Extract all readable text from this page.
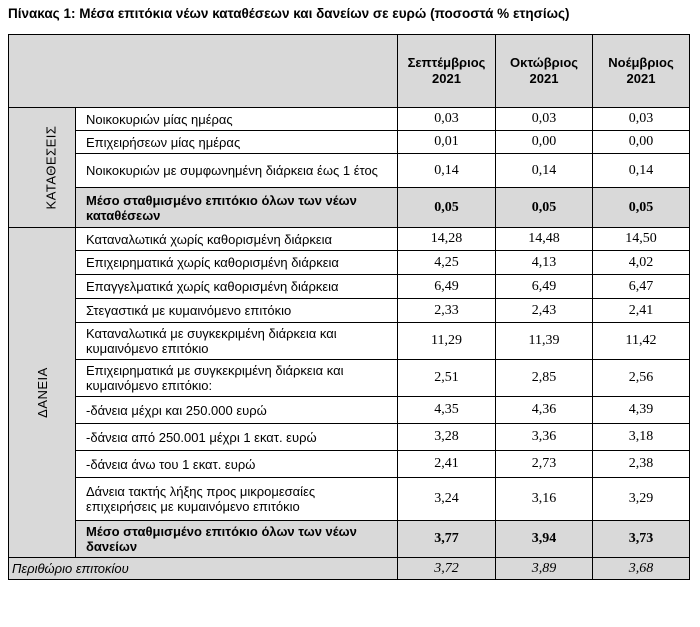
Πίνακας 1: Μέσα επιτόκια νέων καταθέσεων και δανείων σε ευρώ (ποσοστά % ετησίως)
		Σεπτέμβριος 2021	Οκτώβριος 2021	Νοέμβριος 2021
ΚΑΤΑΘΕΣΕΙΣ	Νοικοκυριών μίας ημέρας	0,03	0,03	0,03
	Επιχειρήσεων μίας ημέρας	0,01	0,00	0,00
	Νοικοκυριών με συμφωνημένη διάρκεια έως 1 έτος	0,14	0,14	0,14
	Μέσο σταθμισμένο επιτόκιο όλων των νέων καταθέσεων	0,05	0,05	0,05
ΔΑΝΕΙΑ	Καταναλωτικά χωρίς καθορισμένη διάρκεια	14,28	14,48	14,50
	Επιχειρηματικά χωρίς καθορισμένη διάρκεια	4,25	4,13	4,02
	Επαγγελματικά χωρίς καθορισμένη διάρκεια	6,49	6,49	6,47
	Στεγαστικά με κυμαινόμενο επιτόκιο	2,33	2,43	2,41
	Καταναλωτικά με συγκεκριμένη διάρκεια και κυμαινόμενο επιτόκιο	11,29	11,39	11,42
	Επιχειρηματικά με συγκεκριμένη διάρκεια και κυμαινόμενο επιτόκιο:	2,51	2,85	2,56
	-δάνεια μέχρι και 250.000 ευρώ	4,35	4,36	4,39
	-δάνεια από 250.001 μέχρι 1 εκατ. ευρώ	3,28	3,36	3,18
	-δάνεια άνω του 1 εκατ. ευρώ	2,41	2,73	2,38
	Δάνεια τακτής λήξης προς μικρομεσαίες επιχειρήσεις με κυμαινόμενο επιτόκιο	3,24	3,16	3,29
	Μέσο σταθμισμένο επιτόκιο όλων των νέων δανείων	3,77	3,94	3,73
Περιθώριο επιτοκίου		3,72	3,89	3,68
